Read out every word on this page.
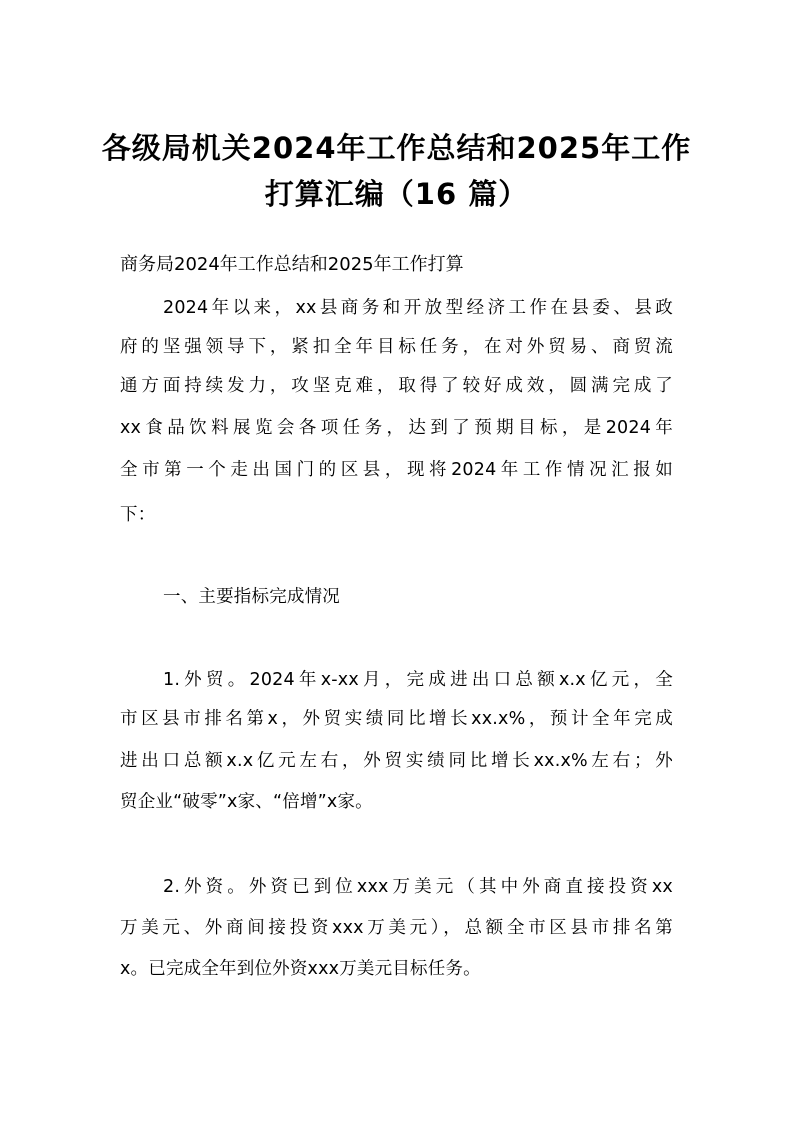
各级局机关2024年工作总结和2025年工作
打算汇编（16 篇）
商务局2024年工作总结和2025年工作打算
2024年以来，xx县商务和开放型经济工作在县委、县政
府的坚强领导下，紧扣全年目标任务，在对外贸易、商贸流
通方面持续发力，攻坚克难，取得了较好成效，圆满完成了
xx食品饮料展览会各项任务，达到了预期目标，是2024年
全市第一个走出国门的区县，现将2024年工作情况汇报如
下：
一、主要指标完成情况
1.外贸。2024年x-xx月，完成进出口总额x.x亿元，全
市区县市排名第x，外贸实绩同比增长xx.x%，预计全年完成
进出口总额x.x亿元左右，外贸实绩同比增长xx.x%左右；外
贸企业“破零”x家、“倍增”x家。
2.外资。外资已到位xxx万美元（其中外商直接投资xx
万美元、外商间接投资xxx万美元），总额全市区县市排名第
x。已完成全年到位外资xxx万美元目标任务。
